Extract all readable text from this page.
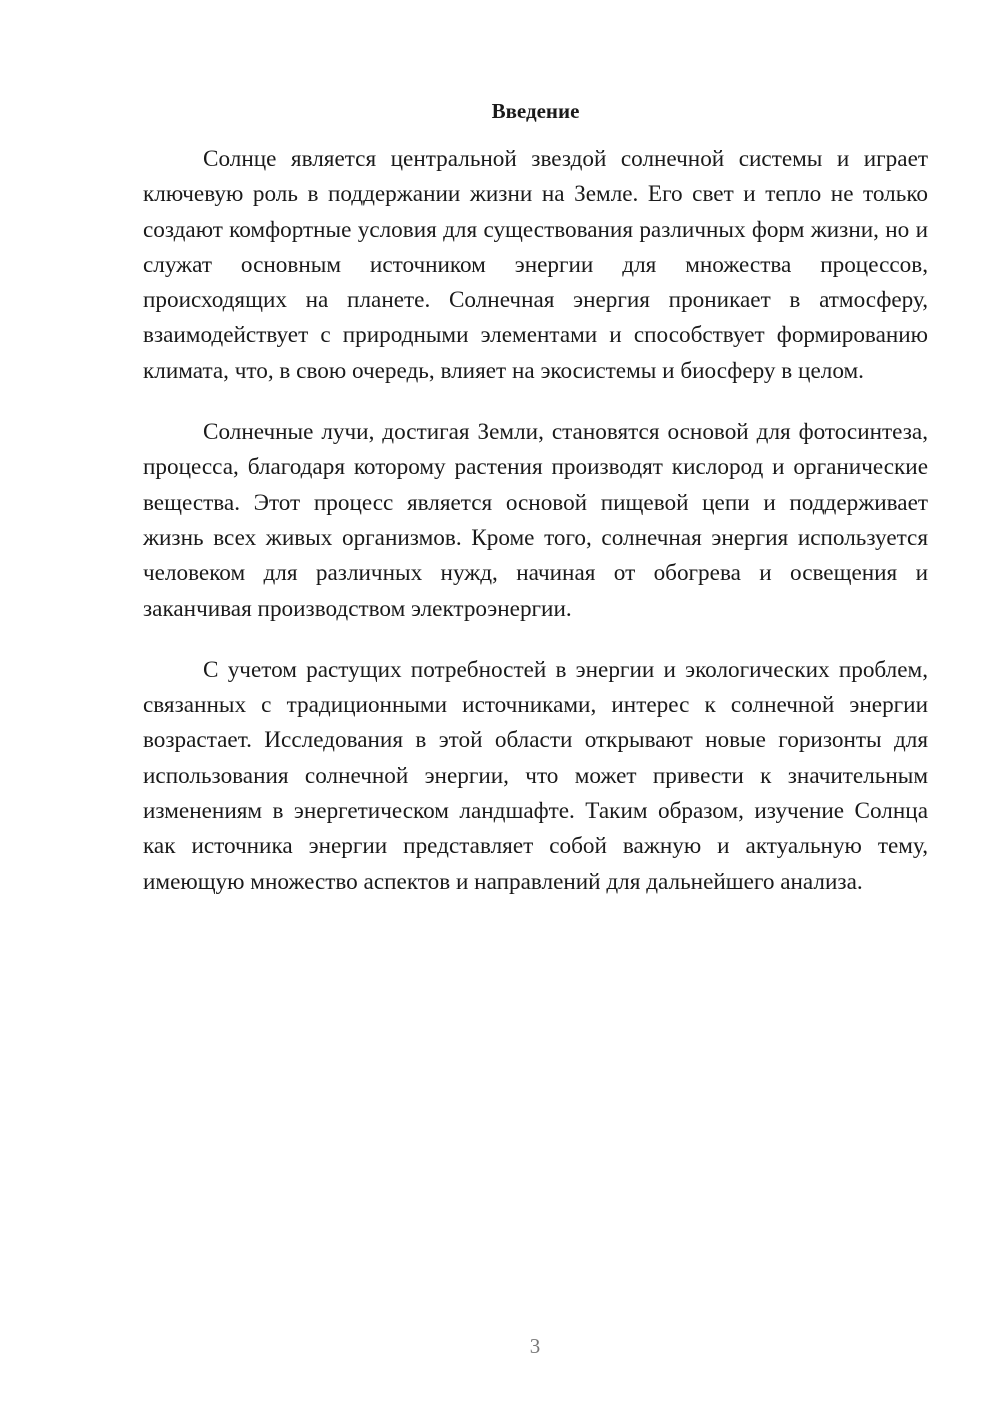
Введение

Солнце является центральной звездой солнечной системы и играет ключевую роль в поддержании жизни на Земле. Его свет и тепло не только создают комфортные условия для существования различных форм жизни, но и служат основным источником энергии для множества процессов, происходящих на планете. Солнечная энергия проникает в атмосферу, взаимодействует с природными элементами и способствует формированию климата, что, в свою очередь, влияет на экосистемы и биосферу в целом.

Солнечные лучи, достигая Земли, становятся основой для фотосинтеза, процесса, благодаря которому растения производят кислород и органические вещества. Этот процесс является основой пищевой цепи и поддерживает жизнь всех живых организмов. Кроме того, солнечная энергия используется человеком для различных нужд, начиная от обогрева и освещения и заканчивая производством электроэнергии.

С учетом растущих потребностей в энергии и экологических проблем, связанных с традиционными источниками, интерес к солнечной энергии возрастает. Исследования в этой области открывают новые горизонты для использования солнечной энергии, что может привести к значительным изменениям в энергетическом ландшафте. Таким образом, изучение Солнца как источника энергии представляет собой важную и актуальную тему, имеющую множество аспектов и направлений для дальнейшего анализа.

3
